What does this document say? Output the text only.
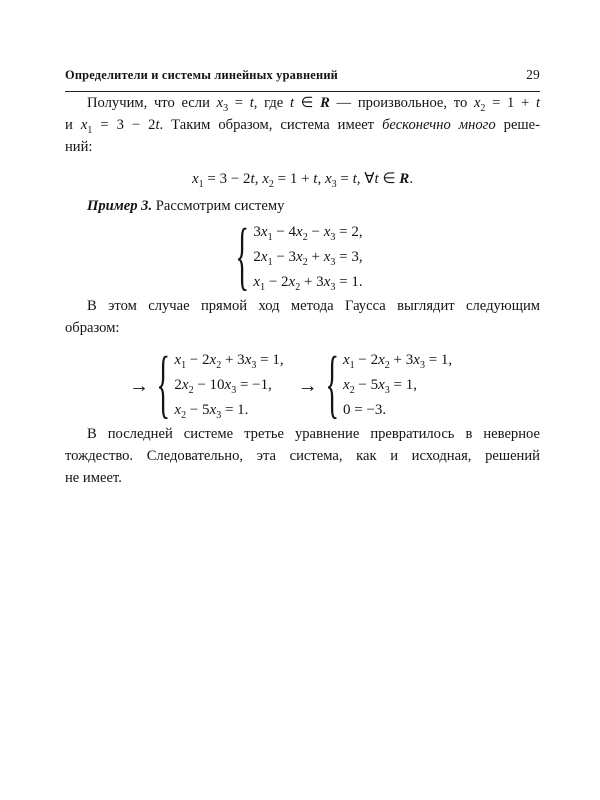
Определители и системы линейных уравнений	29

Получим, что если $x_3 = t$, где t ∈ R — произвольное, то $x_2 = 1 + t$
и $x_1 = 3 - 2t$. Таким образом, система имеет бесконечно много реше-
ний:

$x_1 = 3 - 2t$, $x_2 = 1 + t$, $x_3 = t$, ∀t ∈ R.

Пример 3. Рассмотрим систему

{ $3x_1 - 4x_2 - x_3 = 2$,
$2x_1 - 3x_2 + x_3 = 3$,
$x_1 - 2x_2 + 3x_3 = 1$.

В этом случае прямой ход метода Гаусса выглядит следующим
образом:

→ { $x_1 - 2x_2 + 3x_3 = 1$,
$2x_2 - 10x_3 = -1$,
$x_2 - 5x_3 = 1$.
→ { $x_1 - 2x_2 + 3x_3 = 1$,
$x_2 - 5x_3 = 1$,
0 = −3.

В последней системе третье уравнение превратилось в неверное
тождество. Следовательно, эта система, как и исходная, решений
не имеет.
